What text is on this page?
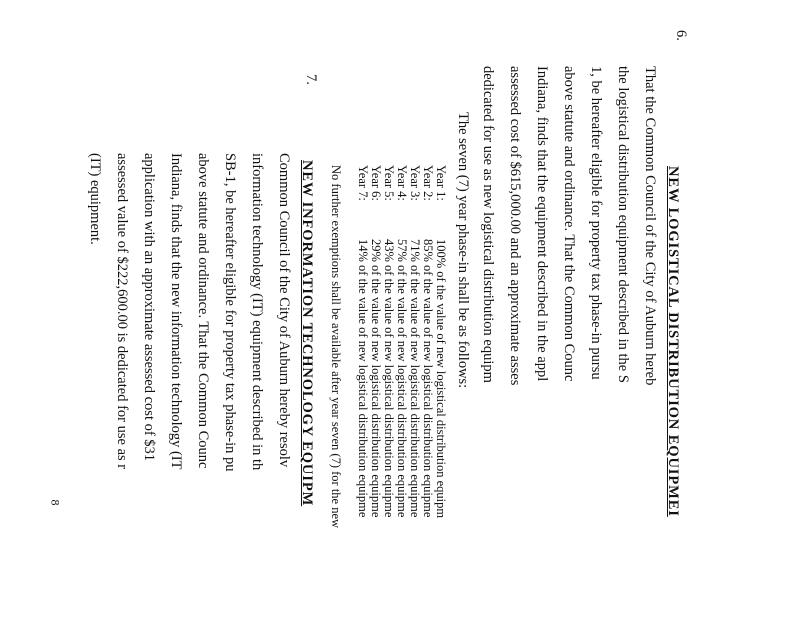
6.
NEW LOGISTICAL DISTRIBUTION EQUIPMEI
That the Common Council of the City of Auburn hereb
the logistical distribution equipment described in the S
1, be hereafter eligible for property tax phase-in pursu
above statute and ordinance. That the Common Counc
Indiana, finds that the equipment described in the appl
assessed cost of $615,000.00 and an approximate asses
dedicated for use as new logistical distribution equipm
The seven (7) year phase-in shall be as follows:
Year 1:
100% of the value of new logistical distribution equipm
Year 2:
85% of the value of new logistical distribution equipme
Year 3:
71% of the value of new logistical distribution equipme
Year 4:
57% of the value of new logistical distribution equipme
Year 5:
43% of the value of new logistical distribution equipme
Year 6:
29% of the value of new logistical distribution equipme
Year 7:
14% of the value of new logistical distribution equipme
No further exemptions shall be available after year seven (7) for the new
7.
NEW INFORMATION TECHNOLOGY EQUIPM
Common Council of the City of Auburn hereby resolv
information technology (IT) equipment described in th
SB-1, be hereafter eligible for property tax phase-in pu
above statute and ordinance. That the Common Counc
Indiana, finds that the new information technology (IT
application with an approximate assessed cost of $31
assessed value of $222,600.00 is dedicated for use as r
(IT) equipment.
8
